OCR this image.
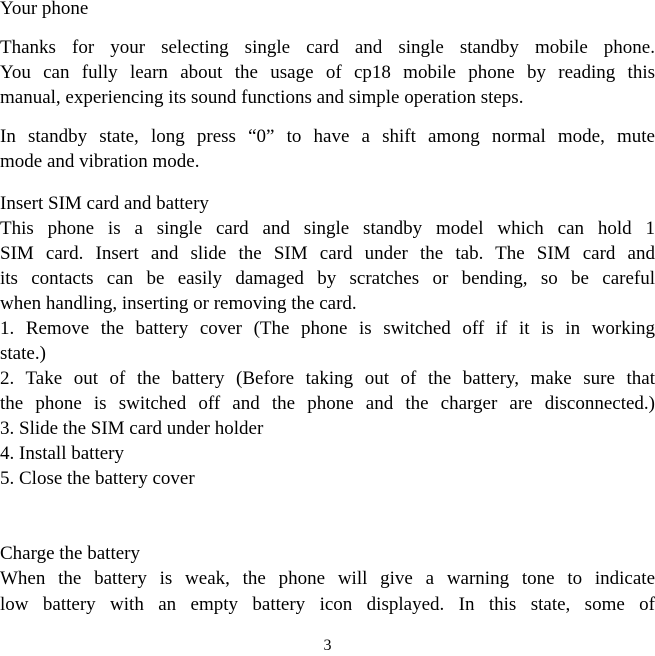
Your phone
Thanks for your selecting single card and single standby mobile phone.
You can fully learn about the usage of cp18 mobile phone by reading this
manual, experiencing its sound functions and simple operation steps.
In standby state, long press “0” to have a shift among normal mode, mute
mode and vibration mode.
Insert SIM card and battery
This phone is a single card and single standby model which can hold 1
SIM card. Insert and slide the SIM card under the tab. The SIM card and
its contacts can be easily damaged by scratches or bending, so be careful
when handling, inserting or removing the card.
1. Remove the battery cover (The phone is switched off if it is in working
state.)
2. Take out of the battery (Before taking out of the battery, make sure that
the phone is switched off and the phone and the charger are disconnected.)
3. Slide the SIM card under holder
4. Install battery
5. Close the battery cover
Charge the battery
When the battery is weak, the phone will give a warning tone to indicate
low battery with an empty battery icon displayed. In this state, some of
3
